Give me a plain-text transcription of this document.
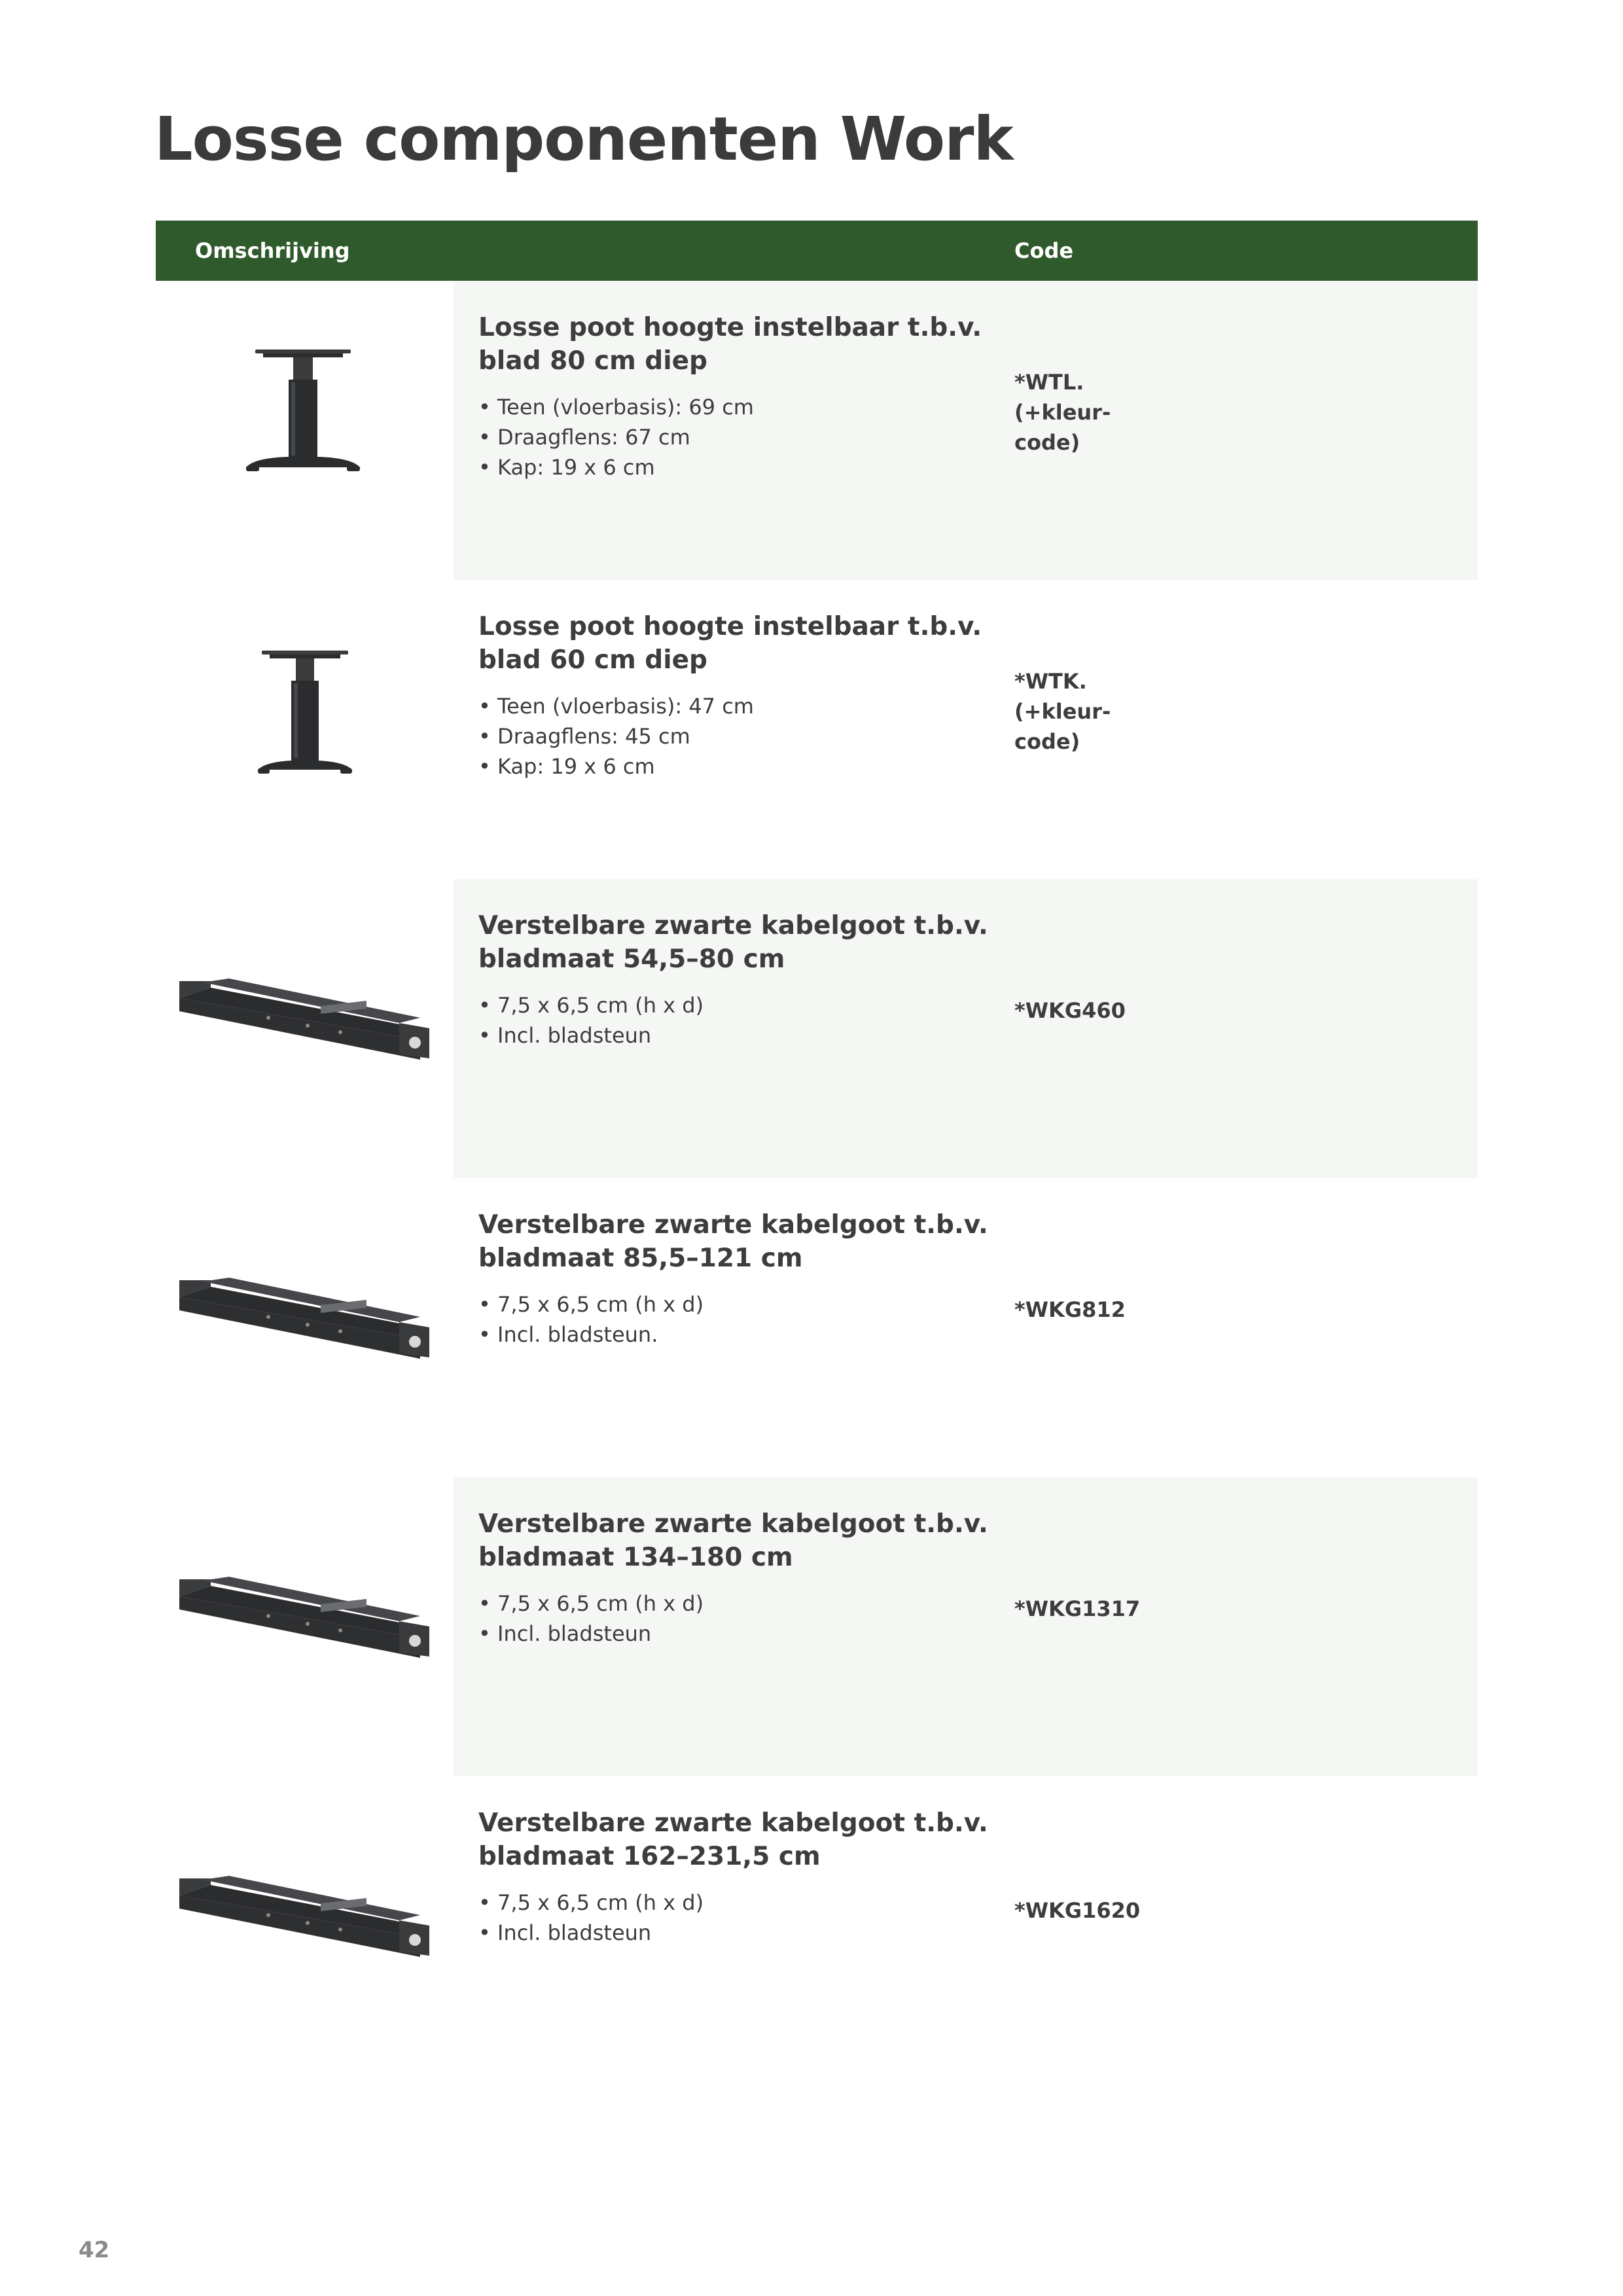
Losse componenten Work
Omschrijving	Code
Losse poot hoogte instelbaar t.b.v.
blad 80 cm diep
• Teen (vloerbasis): 69 cm
• Draagflens: 67 cm
• Kap: 19 x 6 cm
*WTL.
(+kleur-
code)
Losse poot hoogte instelbaar t.b.v.
blad 60 cm diep
• Teen (vloerbasis): 47 cm
• Draagflens: 45 cm
• Kap: 19 x 6 cm
*WTK.
(+kleur-
code)
Verstelbare zwarte kabelgoot t.b.v.
bladmaat 54,5–80 cm
• 7,5 x 6,5 cm (h x d)
• Incl. bladsteun
*WKG460
Verstelbare zwarte kabelgoot t.b.v.
bladmaat 85,5–121 cm
• 7,5 x 6,5 cm (h x d)
• Incl. bladsteun.
*WKG812
Verstelbare zwarte kabelgoot t.b.v.
bladmaat 134–180 cm
• 7,5 x 6,5 cm (h x d)
• Incl. bladsteun
*WKG1317
Verstelbare zwarte kabelgoot t.b.v.
bladmaat 162–231,5 cm
• 7,5 x 6,5 cm (h x d)
• Incl. bladsteun
*WKG1620
42
